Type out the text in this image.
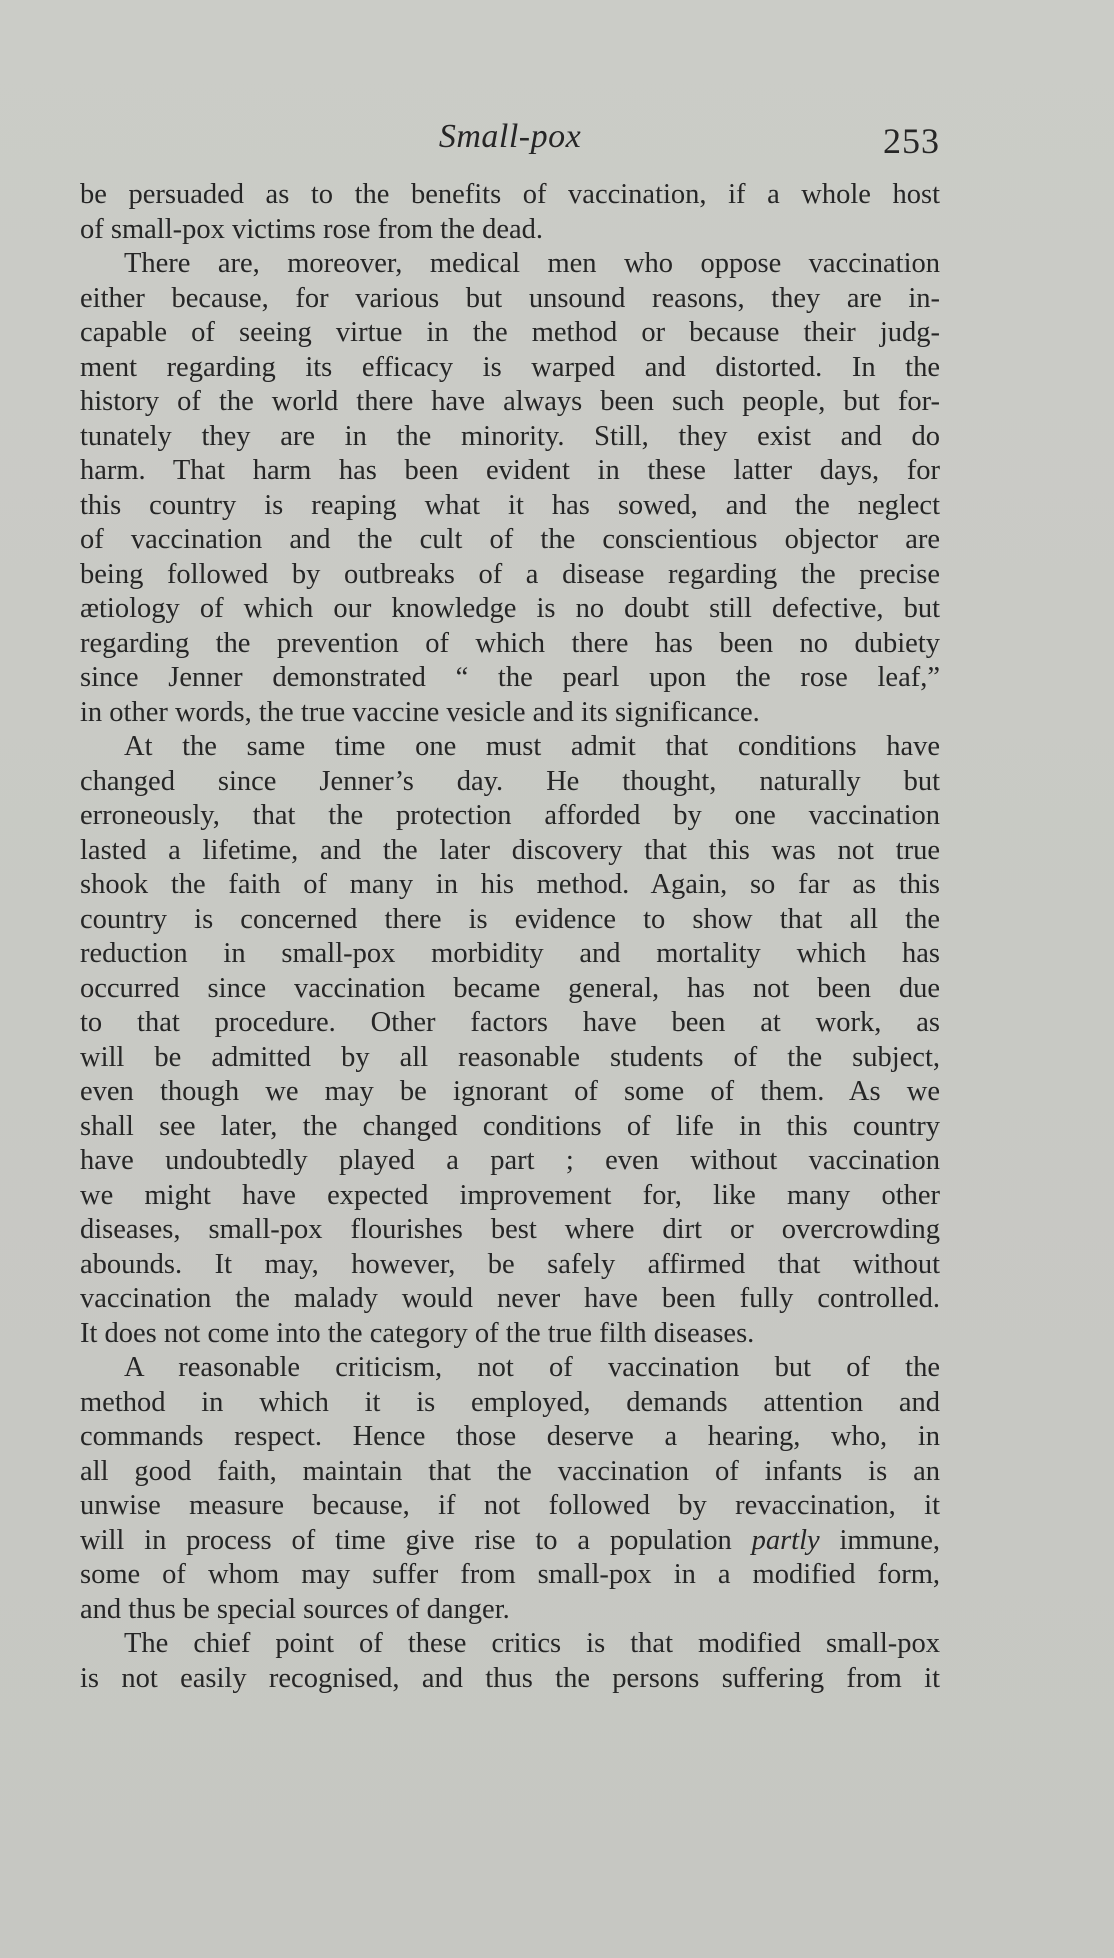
Small-pox	253
be persuaded as to the benefits of vaccination, if a whole host
of small-pox victims rose from the dead.
There are, moreover, medical men who oppose vaccination
either because, for various but unsound reasons, they are in-
capable of seeing virtue in the method or because their judg-
ment regarding its efficacy is warped and distorted. In the
history of the world there have always been such people, but for-
tunately they are in the minority. Still, they exist and do
harm. That harm has been evident in these latter days, for
this country is reaping what it has sowed, and the neglect
of vaccination and the cult of the conscientious objector are
being followed by outbreaks of a disease regarding the precise
ætiology of which our knowledge is no doubt still defective, but
regarding the prevention of which there has been no dubiety
since Jenner demonstrated “ the pearl upon the rose leaf,”
in other words, the true vaccine vesicle and its significance.
At the same time one must admit that conditions have
changed since Jenner’s day. He thought, naturally but
erroneously, that the protection afforded by one vaccination
lasted a lifetime, and the later discovery that this was not true
shook the faith of many in his method. Again, so far as this
country is concerned there is evidence to show that all the
reduction in small-pox morbidity and mortality which has
occurred since vaccination became general, has not been due
to that procedure. Other factors have been at work, as
will be admitted by all reasonable students of the subject,
even though we may be ignorant of some of them. As we
shall see later, the changed conditions of life in this country
have undoubtedly played a part ; even without vaccination
we might have expected improvement for, like many other
diseases, small-pox flourishes best where dirt or overcrowding
abounds. It may, however, be safely affirmed that without
vaccination the malady would never have been fully controlled.
It does not come into the category of the true filth diseases.
A reasonable criticism, not of vaccination but of the
method in which it is employed, demands attention and
commands respect. Hence those deserve a hearing, who, in
all good faith, maintain that the vaccination of infants is an
unwise measure because, if not followed by revaccination, it
will in process of time give rise to a population partly immune,
some of whom may suffer from small-pox in a modified form,
and thus be special sources of danger.
The chief point of these critics is that modified small-pox
is not easily recognised, and thus the persons suffering from it
